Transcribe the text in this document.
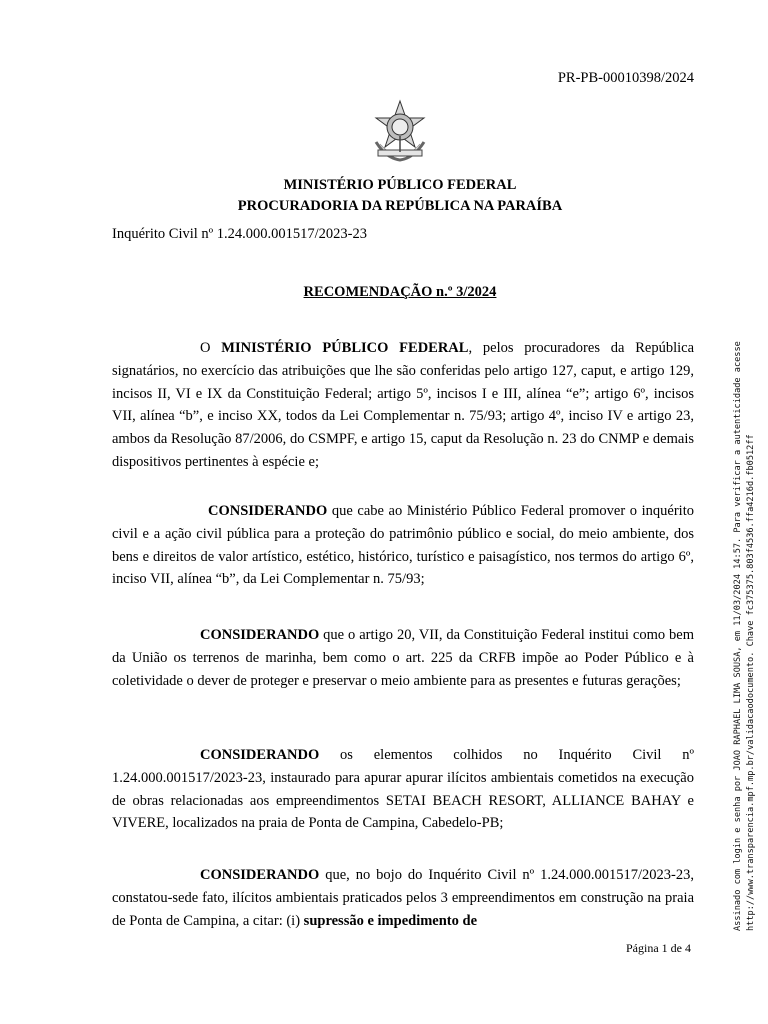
PR-PB-00010398/2024
MINISTÉRIO PÚBLICO FEDERAL
PROCURADORIA DA REPÚBLICA NA PARAÍBA
Inquérito Civil nº 1.24.000.001517/2023-23
RECOMENDAÇÃO n.º 3/2024
O MINISTÉRIO PÚBLICO FEDERAL, pelos procuradores da República signatários, no exercício das atribuições que lhe são conferidas pelo artigo 127, caput, e artigo 129, incisos II, VI e IX da Constituição Federal; artigo 5º, incisos I e III, alínea “e”; artigo 6º, incisos VII, alínea “b”, e inciso XX, todos da Lei Complementar n. 75/93; artigo 4º, inciso IV e artigo 23, ambos da Resolução 87/2006, do CSMPF, e artigo 15, caput da Resolução n. 23 do CNMP e demais dispositivos pertinentes à espécie e;
CONSIDERANDO que cabe ao Ministério Público Federal promover o inquérito civil e a ação civil pública para a proteção do patrimônio público e social, do meio ambiente, dos bens e direitos de valor artístico, estético, histórico, turístico e paisagístico, nos termos do artigo 6º, inciso VII, alínea “b”, da Lei Complementar n. 75/93;
CONSIDERANDO que o artigo 20, VII, da Constituição Federal institui como bem da União os terrenos de marinha, bem como o art. 225 da CRFB impõe ao Poder Público e à coletividade o dever de proteger e preservar o meio ambiente para as presentes e futuras gerações;
CONSIDERANDO os elementos colhidos no Inquérito Civil nº 1.24.000.001517/2023-23, instaurado para apurar apurar ilícitos ambientais cometidos na execução de obras relacionadas aos empreendimentos SETAI BEACH RESORT, ALLIANCE BAHAY e VIVERE, localizados na praia de Ponta de Campina, Cabedelo-PB;
CONSIDERANDO que, no bojo do Inquérito Civil nº 1.24.000.001517/2023-23, constatou-sede fato, ilícitos ambientais praticados pelos 3 empreendimentos em construção na praia de Ponta de Campina, a citar: (i) supressão e impedimento de
Página 1 de 4
Assinado com login e senha por JOAO RAPHAEL LIMA SOUSA, em 11/03/2024 14:57. Para verificar a autenticidade acesse http://www.transparencia.mpf.mp.br/validacaodocumento. Chave fc375375.803f4536.ffa4216d.fb0512ff
